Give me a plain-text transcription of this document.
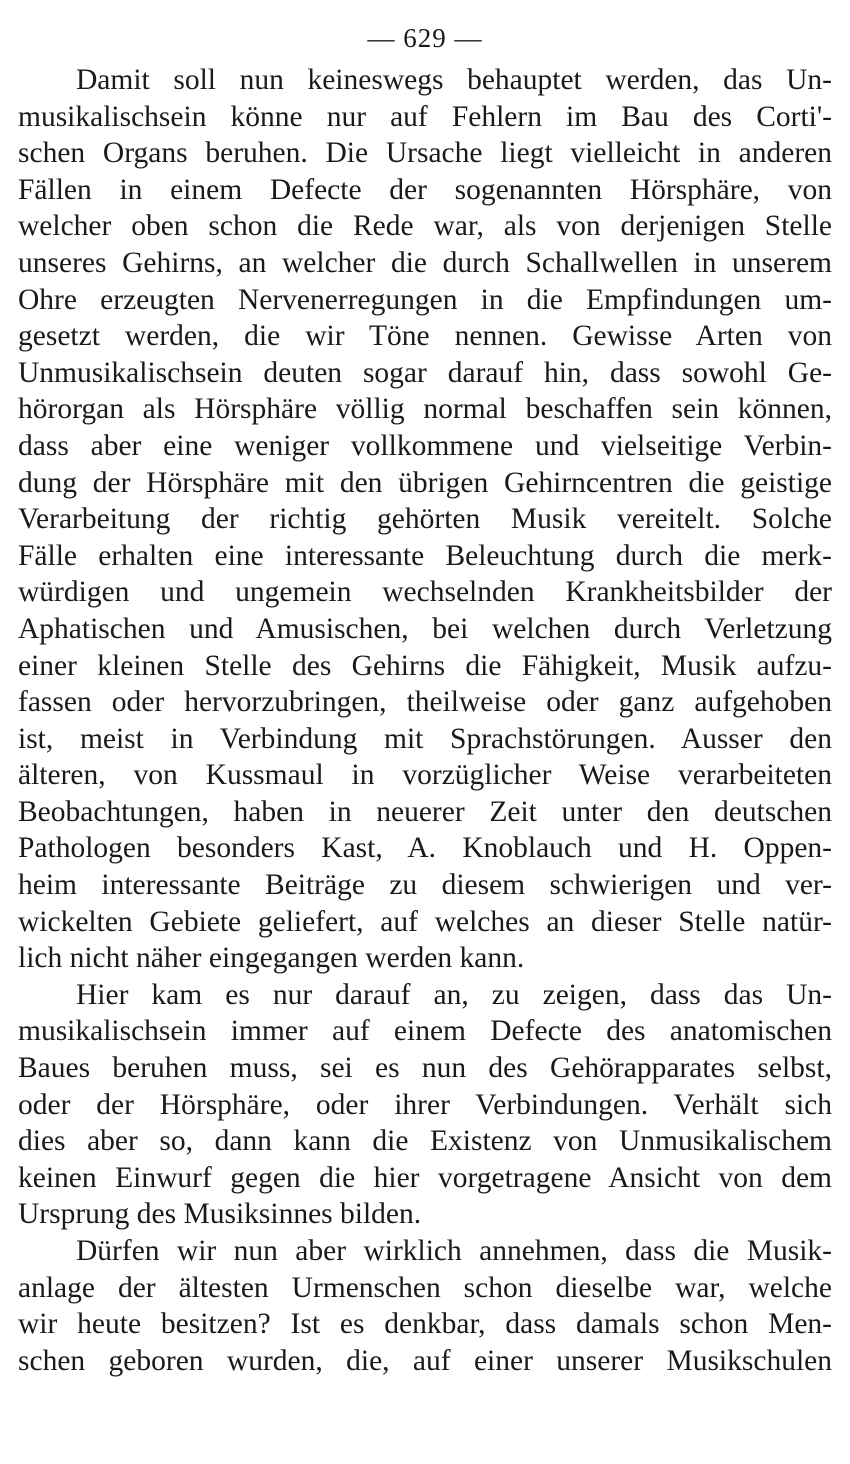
— 629 —
Damit soll nun keineswegs behauptet werden, das Un-
musikalischsein könne nur auf Fehlern im Bau des Corti'-
schen Organs beruhen. Die Ursache liegt vielleicht in anderen
Fällen in einem Defecte der sogenannten Hörsphäre, von
welcher oben schon die Rede war, als von derjenigen Stelle
unseres Gehirns, an welcher die durch Schallwellen in unserem
Ohre erzeugten Nervenerregungen in die Empfindungen um-
gesetzt werden, die wir Töne nennen. Gewisse Arten von
Unmusikalischsein deuten sogar darauf hin, dass sowohl Ge-
hörorgan als Hörsphäre völlig normal beschaffen sein können,
dass aber eine weniger vollkommene und vielseitige Verbin-
dung der Hörsphäre mit den übrigen Gehirncentren die geistige
Verarbeitung der richtig gehörten Musik vereitelt. Solche
Fälle erhalten eine interessante Beleuchtung durch die merk-
würdigen und ungemein wechselnden Krankheitsbilder der
Aphatischen und Amusischen, bei welchen durch Verletzung
einer kleinen Stelle des Gehirns die Fähigkeit, Musik aufzu-
fassen oder hervorzubringen, theilweise oder ganz aufgehoben
ist, meist in Verbindung mit Sprachstörungen. Ausser den
älteren, von Kussmaul in vorzüglicher Weise verarbeiteten
Beobachtungen, haben in neuerer Zeit unter den deutschen
Pathologen besonders Kast, A. Knoblauch und H. Oppen-
heim interessante Beiträge zu diesem schwierigen und ver-
wickelten Gebiete geliefert, auf welches an dieser Stelle natür-
lich nicht näher eingegangen werden kann.
Hier kam es nur darauf an, zu zeigen, dass das Un-
musikalischsein immer auf einem Defecte des anatomischen
Baues beruhen muss, sei es nun des Gehörapparates selbst,
oder der Hörsphäre, oder ihrer Verbindungen. Verhält sich
dies aber so, dann kann die Existenz von Unmusikalischem
keinen Einwurf gegen die hier vorgetragene Ansicht von dem
Ursprung des Musiksinnes bilden.
Dürfen wir nun aber wirklich annehmen, dass die Musik-
anlage der ältesten Urmenschen schon dieselbe war, welche
wir heute besitzen? Ist es denkbar, dass damals schon Men-
schen geboren wurden, die, auf einer unserer Musikschulen
